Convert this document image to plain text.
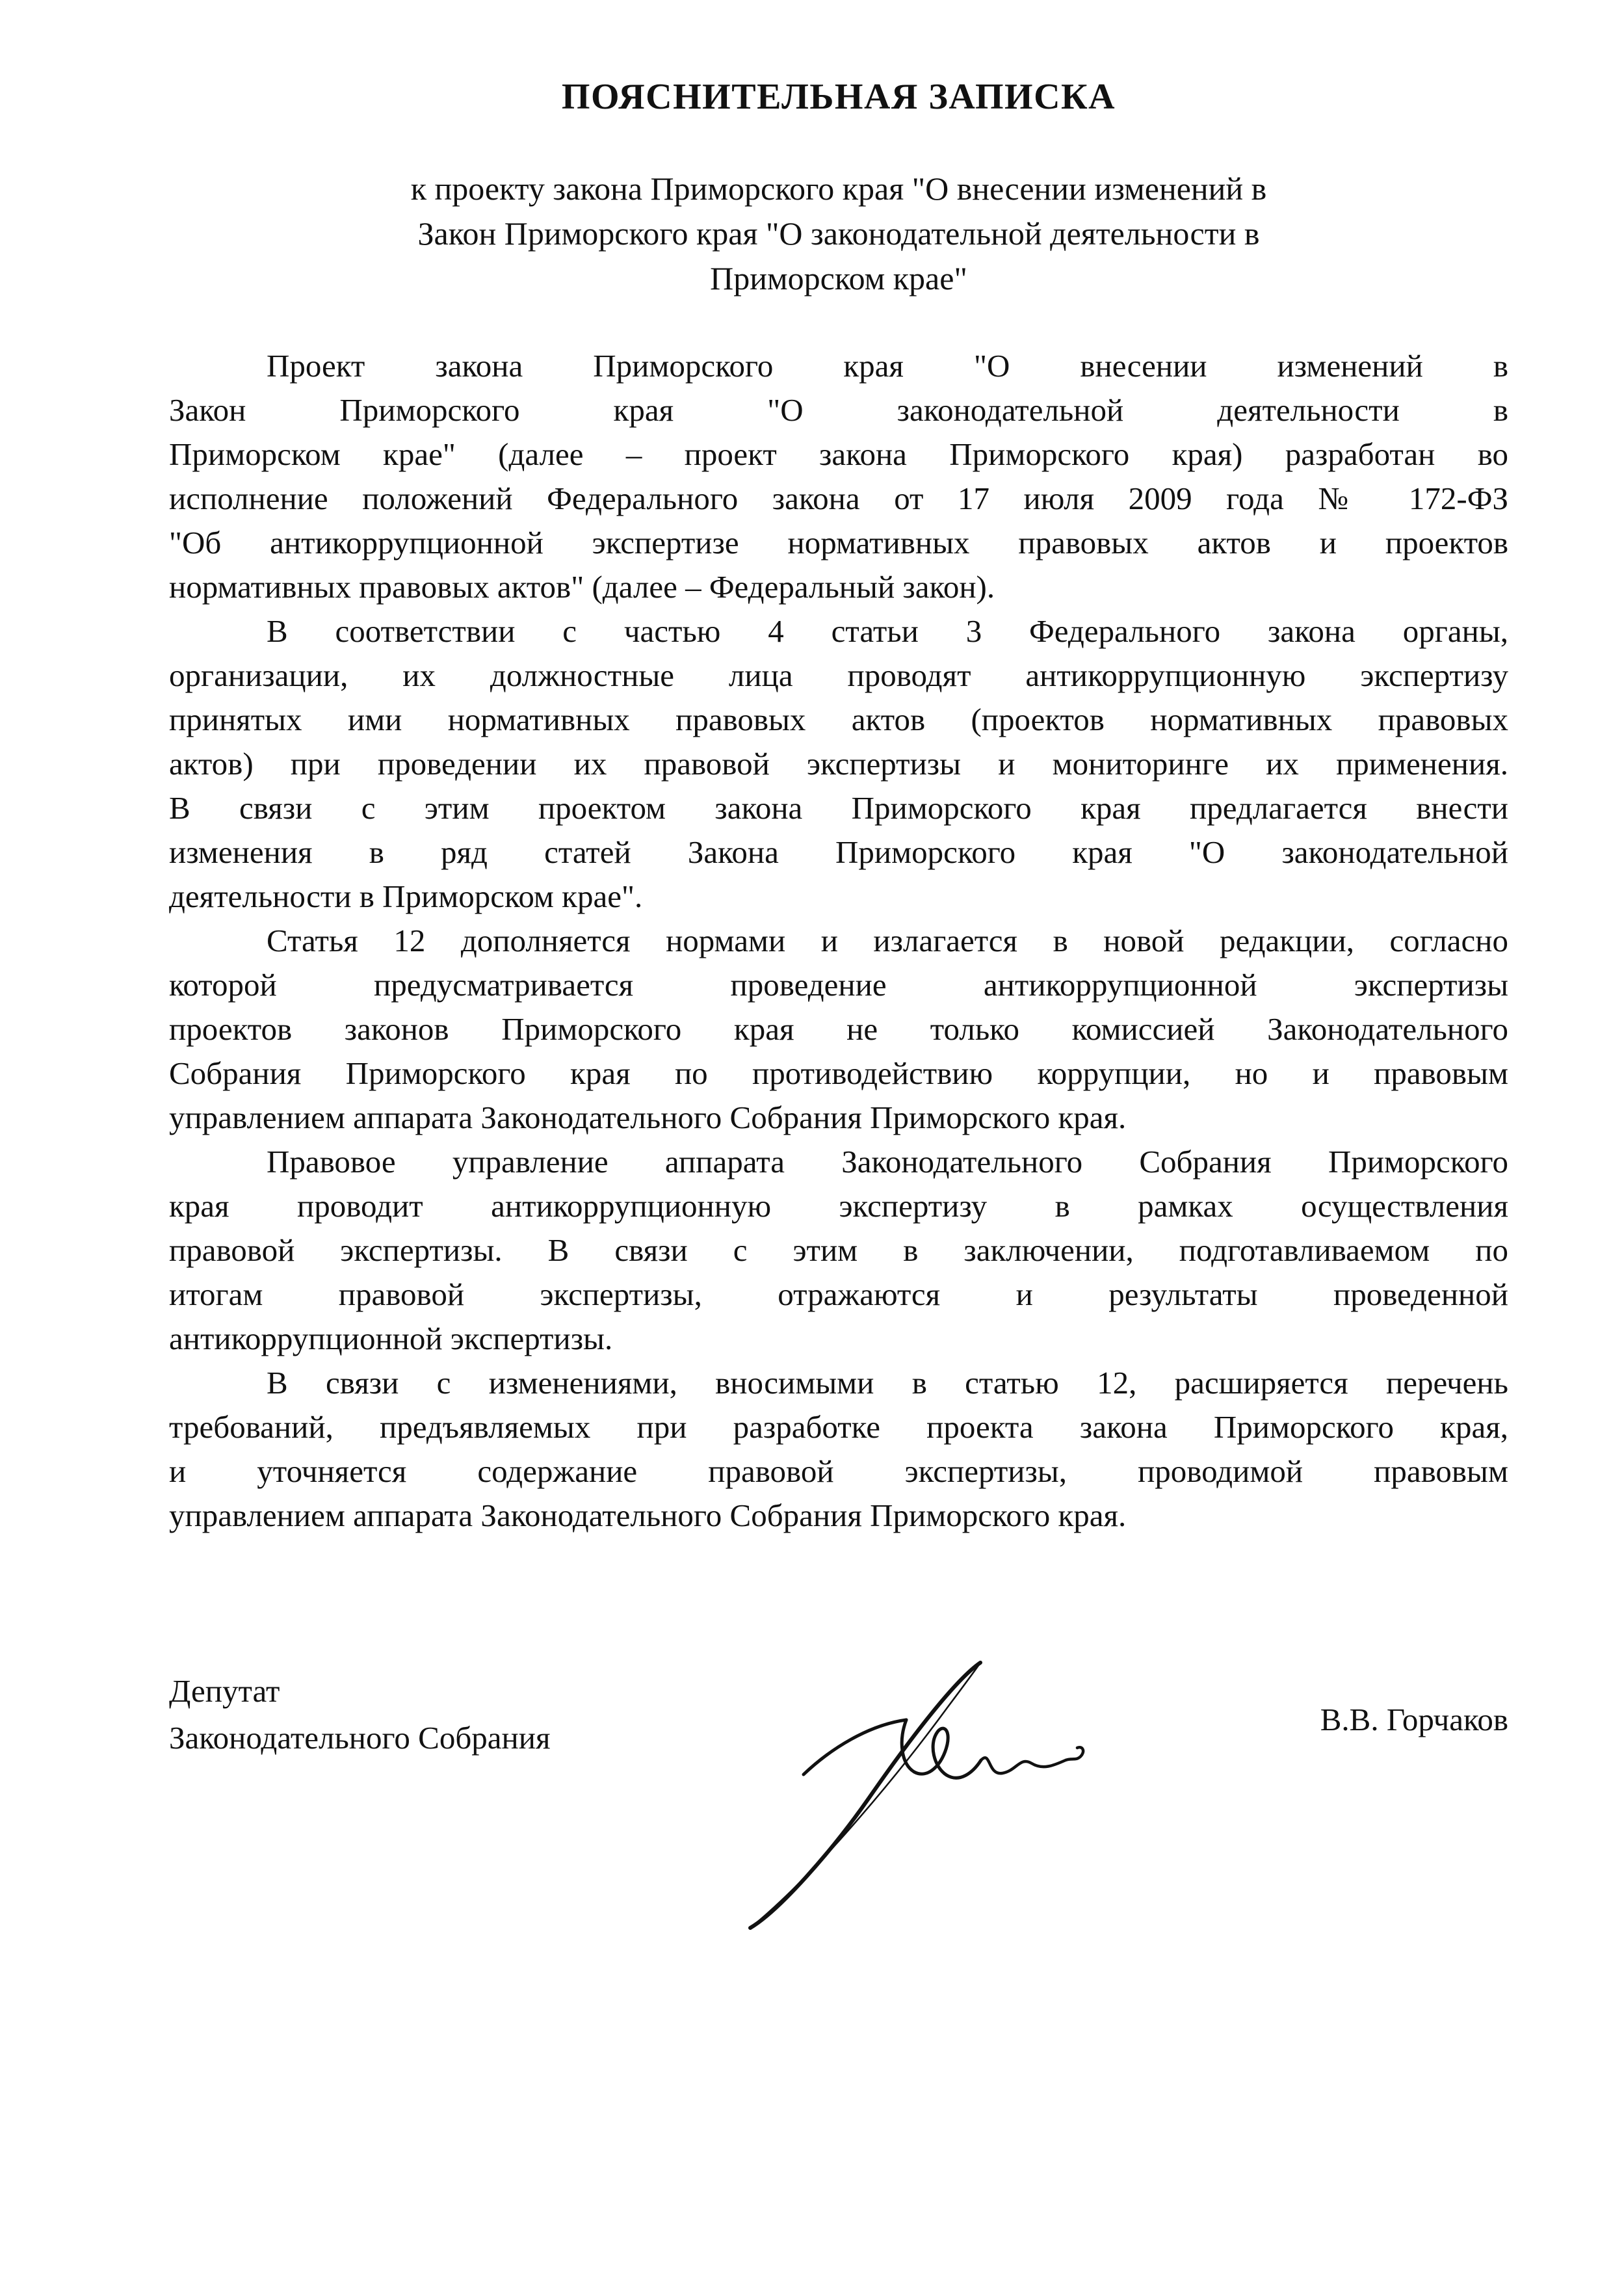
ПОЯСНИТЕЛЬНАЯ ЗАПИСКА
к проекту закона Приморского края "О внесении изменений в
Закон Приморского края "О законодательной деятельности в
Приморском крае"
Проект закона Приморского края "О внесении изменений в
Закон Приморского края "О законодательной деятельности в
Приморском крае" (далее – проект закона Приморского края) разработан во
исполнение положений Федерального закона от 17 июля 2009 года № 172-ФЗ
"Об антикоррупционной экспертизе нормативных правовых актов и проектов
нормативных правовых актов" (далее – Федеральный закон).
В соответствии с частью 4 статьи 3 Федерального закона органы,
организации, их должностные лица проводят антикоррупционную экспертизу
принятых ими нормативных правовых актов (проектов нормативных правовых
актов) при проведении их правовой экспертизы и мониторинге их применения.
В связи с этим проектом закона Приморского края предлагается внести
изменения в ряд статей Закона Приморского края "О законодательной
деятельности в Приморском крае".
Статья 12 дополняется нормами и излагается в новой редакции, согласно
которой предусматривается проведение антикоррупционной экспертизы
проектов законов Приморского края не только комиссией Законодательного
Собрания Приморского края по противодействию коррупции, но и правовым
управлением аппарата Законодательного Собрания Приморского края.
Правовое управление аппарата Законодательного Собрания Приморского
края проводит антикоррупционную экспертизу в рамках осуществления
правовой экспертизы. В связи с этим в заключении, подготавливаемом по
итогам правовой экспертизы, отражаются и результаты проведенной
антикоррупционной экспертизы.
В связи с изменениями, вносимыми в статью 12, расширяется перечень
требований, предъявляемых при разработке проекта закона Приморского края,
и уточняется содержание правовой экспертизы, проводимой правовым
управлением аппарата Законодательного Собрания Приморского края.
Депутат
Законодательного Собрания
В.В. Горчаков
